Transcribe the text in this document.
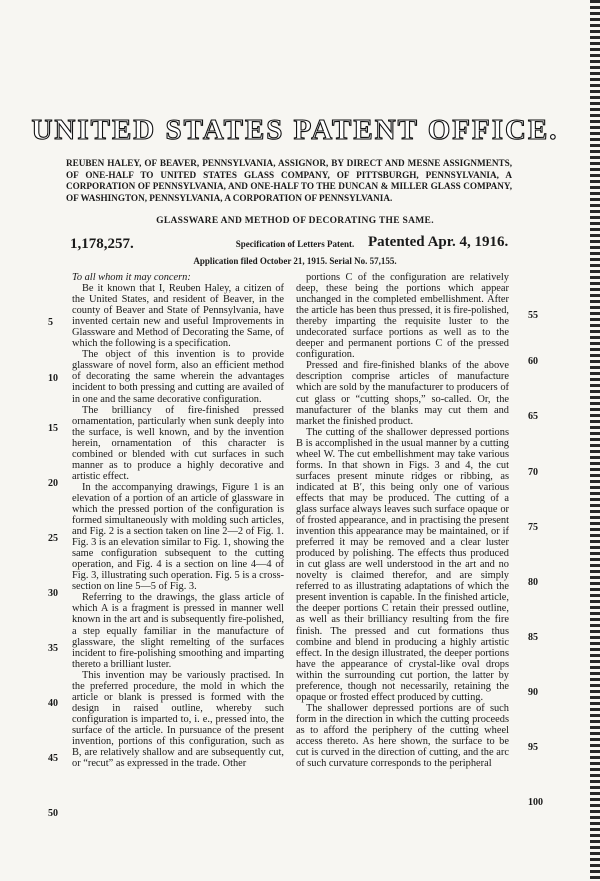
UNITED STATES PATENT OFFICE.
REUBEN HALEY, OF BEAVER, PENNSYLVANIA, ASSIGNOR, BY DIRECT AND MESNE ASSIGNMENTS, OF ONE-HALF TO UNITED STATES GLASS COMPANY, OF PITTSBURGH, PENNSYLVANIA, A CORPORATION OF PENNSYLVANIA, AND ONE-HALF TO THE DUNCAN & MILLER GLASS COMPANY, OF WASHINGTON, PENNSYLVANIA, A CORPORATION OF PENNSYLVANIA.
GLASSWARE AND METHOD OF DECORATING THE SAME.
1,178,257.	Specification of Letters Patent. Patented Apr. 4, 1916.
Application filed October 21, 1915. Serial No. 57,155.

To all whom it may concern:

Be it known that I, Reuben Haley, a citizen of the United States, and resident of Beaver, in the county of Beaver and State of Pennsylvania, have invented certain new and useful Improvements in Glassware and Method of Decorating the Same, of which the following is a specification.

The object of this invention is to provide glassware of novel form, also an efficient method of decorating the same wherein the advantages incident to both pressing and cutting are availed of in one and the same decorative configuration.

The brilliancy of fire-finished pressed ornamentation, particularly when sunk deeply into the surface, is well known, and by the invention herein, ornamentation of this character is combined or blended with cut surfaces in such manner as to produce a highly decorative and artistic effect.

In the accompanying drawings, Figure 1 is an elevation of a portion of an article of glassware in which the pressed portion of the configuration is formed simultaneously with molding such articles, and Fig. 2 is a section taken on line 2—2 of Fig. 1. Fig. 3 is an elevation similar to Fig. 1, showing the same configuration subsequent to the cutting operation, and Fig. 4 is a section on line 4—4 of Fig. 3, illustrating such operation. Fig. 5 is a cross-section on line 5—5 of Fig. 3.

Referring to the drawings, the glass article of which A is a fragment is pressed in manner well known in the art and is subsequently fire-polished, a step equally familiar in the manufacture of glassware, the slight remelting of the surfaces incident to fire-polishing smoothing and imparting thereto a brilliant luster.

This invention may be variously practised. In the preferred procedure, the mold in which the article or blank is pressed is formed with the design in raised outline, whereby such configuration is imparted to, i. e., pressed into, the surface of the article. In pursuance of the present invention, portions of this configuration, such as B, are relatively shallow and are subsequently cut, or “recut” as expressed in the trade. Other

portions C of the configuration are relatively deep, these being the portions which appear unchanged in the completed embellishment. After the article has been thus pressed, it is fire-polished, thereby imparting the requisite luster to the undecorated surface portions as well as to the deeper and permanent portions C of the pressed configuration.

Pressed and fire-finished blanks of the above description comprise articles of manufacture which are sold by the manufacturer to producers of cut glass or “cutting shops,” so-called. Or, the manufacturer of the blanks may cut them and market the finished product.

The cutting of the shallower depressed portions B is accomplished in the usual manner by a cutting wheel W. The cut embellishment may take various forms. In that shown in Figs. 3 and 4, the cut surfaces present minute ridges or ribbing, as indicated at B′, this being only one of various effects that may be produced. The cutting of a glass surface always leaves such surface opaque or of frosted appearance, and in practising the present invention this appearance may be maintained, or if preferred it may be removed and a clear luster produced by polishing. The effects thus produced in cut glass are well understood in the art and no novelty is claimed therefor, and are simply referred to as illustrating adaptations of which the present invention is capable. In the finished article, the deeper portions C retain their pressed outline, as well as their brilliancy resulting from the fire finish. The pressed and cut formations thus combine and blend in producing a highly artistic effect. In the design illustrated, the deeper portions have the appearance of crystal-like oval drops within the surrounding cut portion, the latter by preference, though not necessarily, retaining the opaque or frosted effect produced by cutting.

The shallower depressed portions are of such form in the direction in which the cutting proceeds as to afford the periphery of the cutting wheel access thereto. As here shown, the surface to be cut is curved in the direction of cutting, and the arc of such curvature corresponds to the peripheral

5
10
15
20
25
30
35
40
45
50
55
60
65
70
75
80
85
90
95
100
